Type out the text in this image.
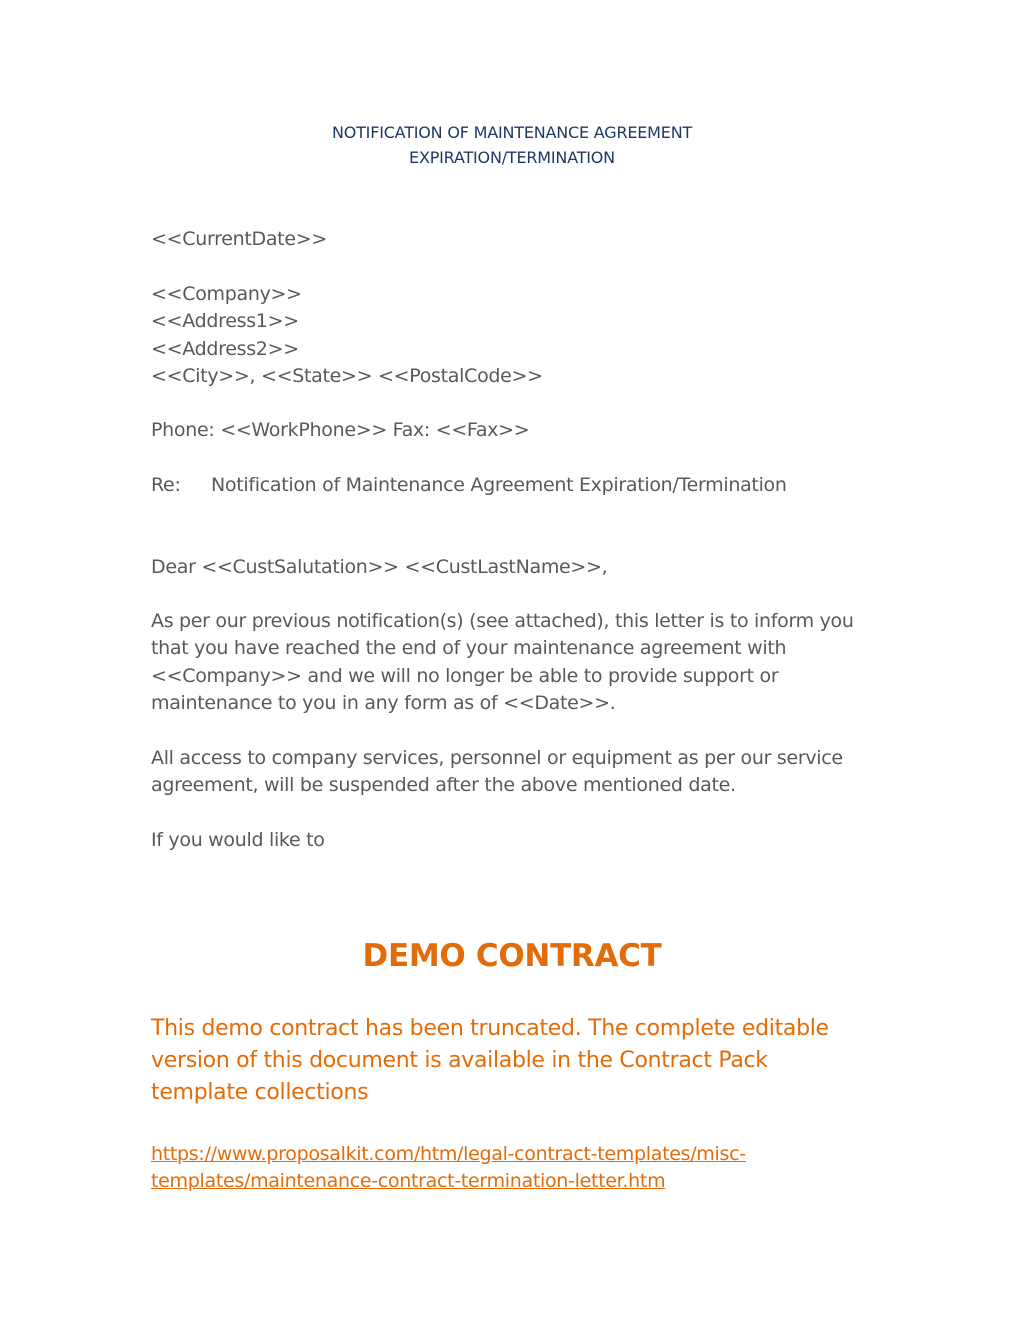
NOTIFICATION OF MAINTENANCE AGREEMENT
EXPIRATION/TERMINATION
<<CurrentDate>>
<<Company>>
<<Address1>>
<<Address2>>
<<City>>, <<State>> <<PostalCode>>
Phone: <<WorkPhone>> Fax: <<Fax>>
Re: Notification of Maintenance Agreement Expiration/Termination
Dear <<CustSalutation>> <<CustLastName>>,
As per our previous notification(s) (see attached), this letter is to inform you
that you have reached the end of your maintenance agreement with
<<Company>> and we will no longer be able to provide support or
maintenance to you in any form as of <<Date>>.
All access to company services, personnel or equipment as per our service
agreement, will be suspended after the above mentioned date.
If you would like to
DEMO CONTRACT
This demo contract has been truncated. The complete editable
version of this document is available in the Contract Pack
template collections
https://www.proposalkit.com/htm/legal-contract-templates/misc-
templates/maintenance-contract-termination-letter.htm
